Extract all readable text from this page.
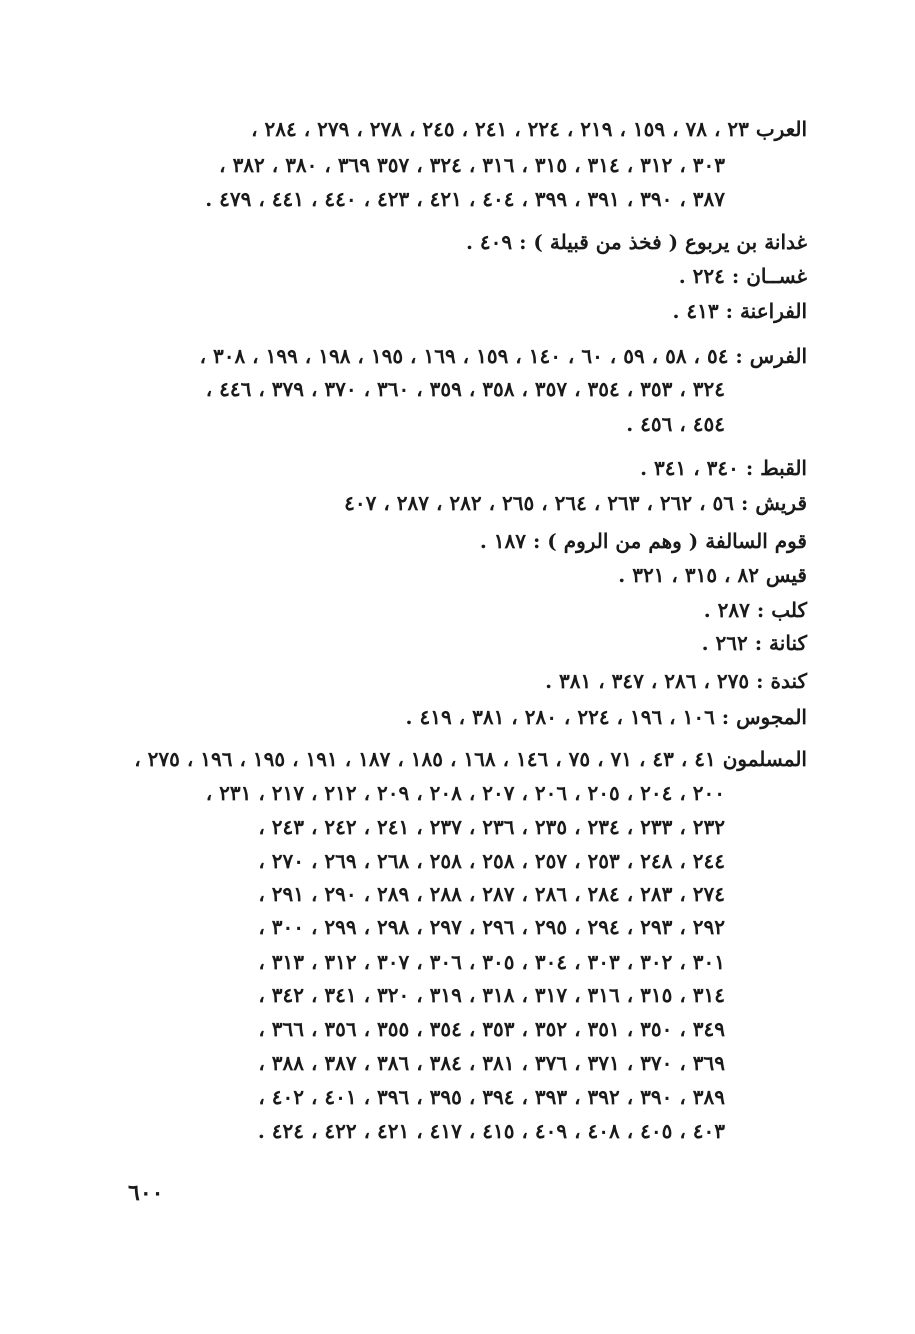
العرب ٢٣ ، ٧٨ ، ١٥٩ ، ٢١٩ ، ٢٢٤ ، ٢٤١ ، ٢٤٥ ، ٢٧٨ ، ٢٧٩ ، ٢٨٤ ،
٣٠٣ ، ٣١٢ ، ٣١٤ ، ٣١٥ ، ٣١٦ ، ٣٢٤ ، ٣٥٧ ٣٦٩ ، ٣٨٠ ، ٣٨٢ ،
٣٨٧ ، ٣٩٠ ، ٣٩١ ، ٣٩٩ ، ٤٠٤ ، ٤٢١ ، ٤٢٣ ، ٤٤٠ ، ٤٤١ ، ٤٧٩ .
غدانة بن يربوع ( فخذ من قبيلة ) : ٤٠٩ .
غســان : ٢٢٤ .
الفراعنة : ٤١٣ .
الفرس : ٥٤ ، ٥٨ ، ٥٩ ، ٦٠ ، ١٤٠ ، ١٥٩ ، ١٦٩ ، ١٩٥ ، ١٩٨ ، ١٩٩ ، ٣٠٨ ،
٣٢٤ ، ٣٥٣ ، ٣٥٤ ، ٣٥٧ ، ٣٥٨ ، ٣٥٩ ، ٣٦٠ ، ٣٧٠ ، ٣٧٩ ، ٤٤٦ ،
٤٥٤ ، ٤٥٦ .
القبط : ٣٤٠ ، ٣٤١ .
قريش : ٥٦ ، ٢٦٢ ، ٢٦٣ ، ٢٦٤ ، ٢٦٥ ، ٢٨٢ ، ٢٨٧ ، ٤٠٧
قوم السالفة ( وهم من الروم ) : ١٨٧ .
قيس ٨٢ ، ٣١٥ ، ٣٢١ .
كلب : ٢٨٧ .
كنانة : ٢٦٢ .
كندة : ٢٧٥ ، ٢٨٦ ، ٣٤٧ ، ٣٨١ .
المجوس : ١٠٦ ، ١٩٦ ، ٢٢٤ ، ٢٨٠ ، ٣٨١ ، ٤١٩ .
المسلمون ٤١ ، ٤٣ ، ٧١ ، ٧٥ ، ١٤٦ ، ١٦٨ ، ١٨٥ ، ١٨٧ ، ١٩١ ، ١٩٥ ، ١٩٦ ، ٢٧٥ ،
٢٠٠ ، ٢٠٤ ، ٢٠٥ ، ٢٠٦ ، ٢٠٧ ، ٢٠٨ ، ٢٠٩ ، ٢١٢ ، ٢١٧ ، ٢٣١ ،
٢٣٢ ، ٢٣٣ ، ٢٣٤ ، ٢٣٥ ، ٢٣٦ ، ٢٣٧ ، ٢٤١ ، ٢٤٢ ، ٢٤٣ ،
٢٤٤ ، ٢٤٨ ، ٢٥٣ ، ٢٥٧ ، ٢٥٨ ، ٢٥٨ ، ٢٦٨ ، ٢٦٩ ، ٢٧٠ ،
٢٧٤ ، ٢٨٣ ، ٢٨٤ ، ٢٨٦ ، ٢٨٧ ، ٢٨٨ ، ٢٨٩ ، ٢٩٠ ، ٢٩١ ،
٢٩٢ ، ٢٩٣ ، ٢٩٤ ، ٢٩٥ ، ٢٩٦ ، ٢٩٧ ، ٢٩٨ ، ٢٩٩ ، ٣٠٠ ،
٣٠١ ، ٣٠٢ ، ٣٠٣ ، ٣٠٤ ، ٣٠٥ ، ٣٠٦ ، ٣٠٧ ، ٣١٢ ، ٣١٣ ،
٣١٤ ، ٣١٥ ، ٣١٦ ، ٣١٧ ، ٣١٨ ، ٣١٩ ، ٣٢٠ ، ٣٤١ ، ٣٤٢ ،
٣٤٩ ، ٣٥٠ ، ٣٥١ ، ٣٥٢ ، ٣٥٣ ، ٣٥٤ ، ٣٥٥ ، ٣٥٦ ، ٣٦٦ ،
٣٦٩ ، ٣٧٠ ، ٣٧١ ، ٣٧٦ ، ٣٨١ ، ٣٨٤ ، ٣٨٦ ، ٣٨٧ ، ٣٨٨ ،
٣٨٩ ، ٣٩٠ ، ٣٩٢ ، ٣٩٣ ، ٣٩٤ ، ٣٩٥ ، ٣٩٦ ، ٤٠١ ، ٤٠٢ ،
٤٠٣ ، ٤٠٥ ، ٤٠٨ ، ٤٠٩ ، ٤١٥ ، ٤١٧ ، ٤٢١ ، ٤٢٢ ، ٤٢٤ .
٦٠٠
